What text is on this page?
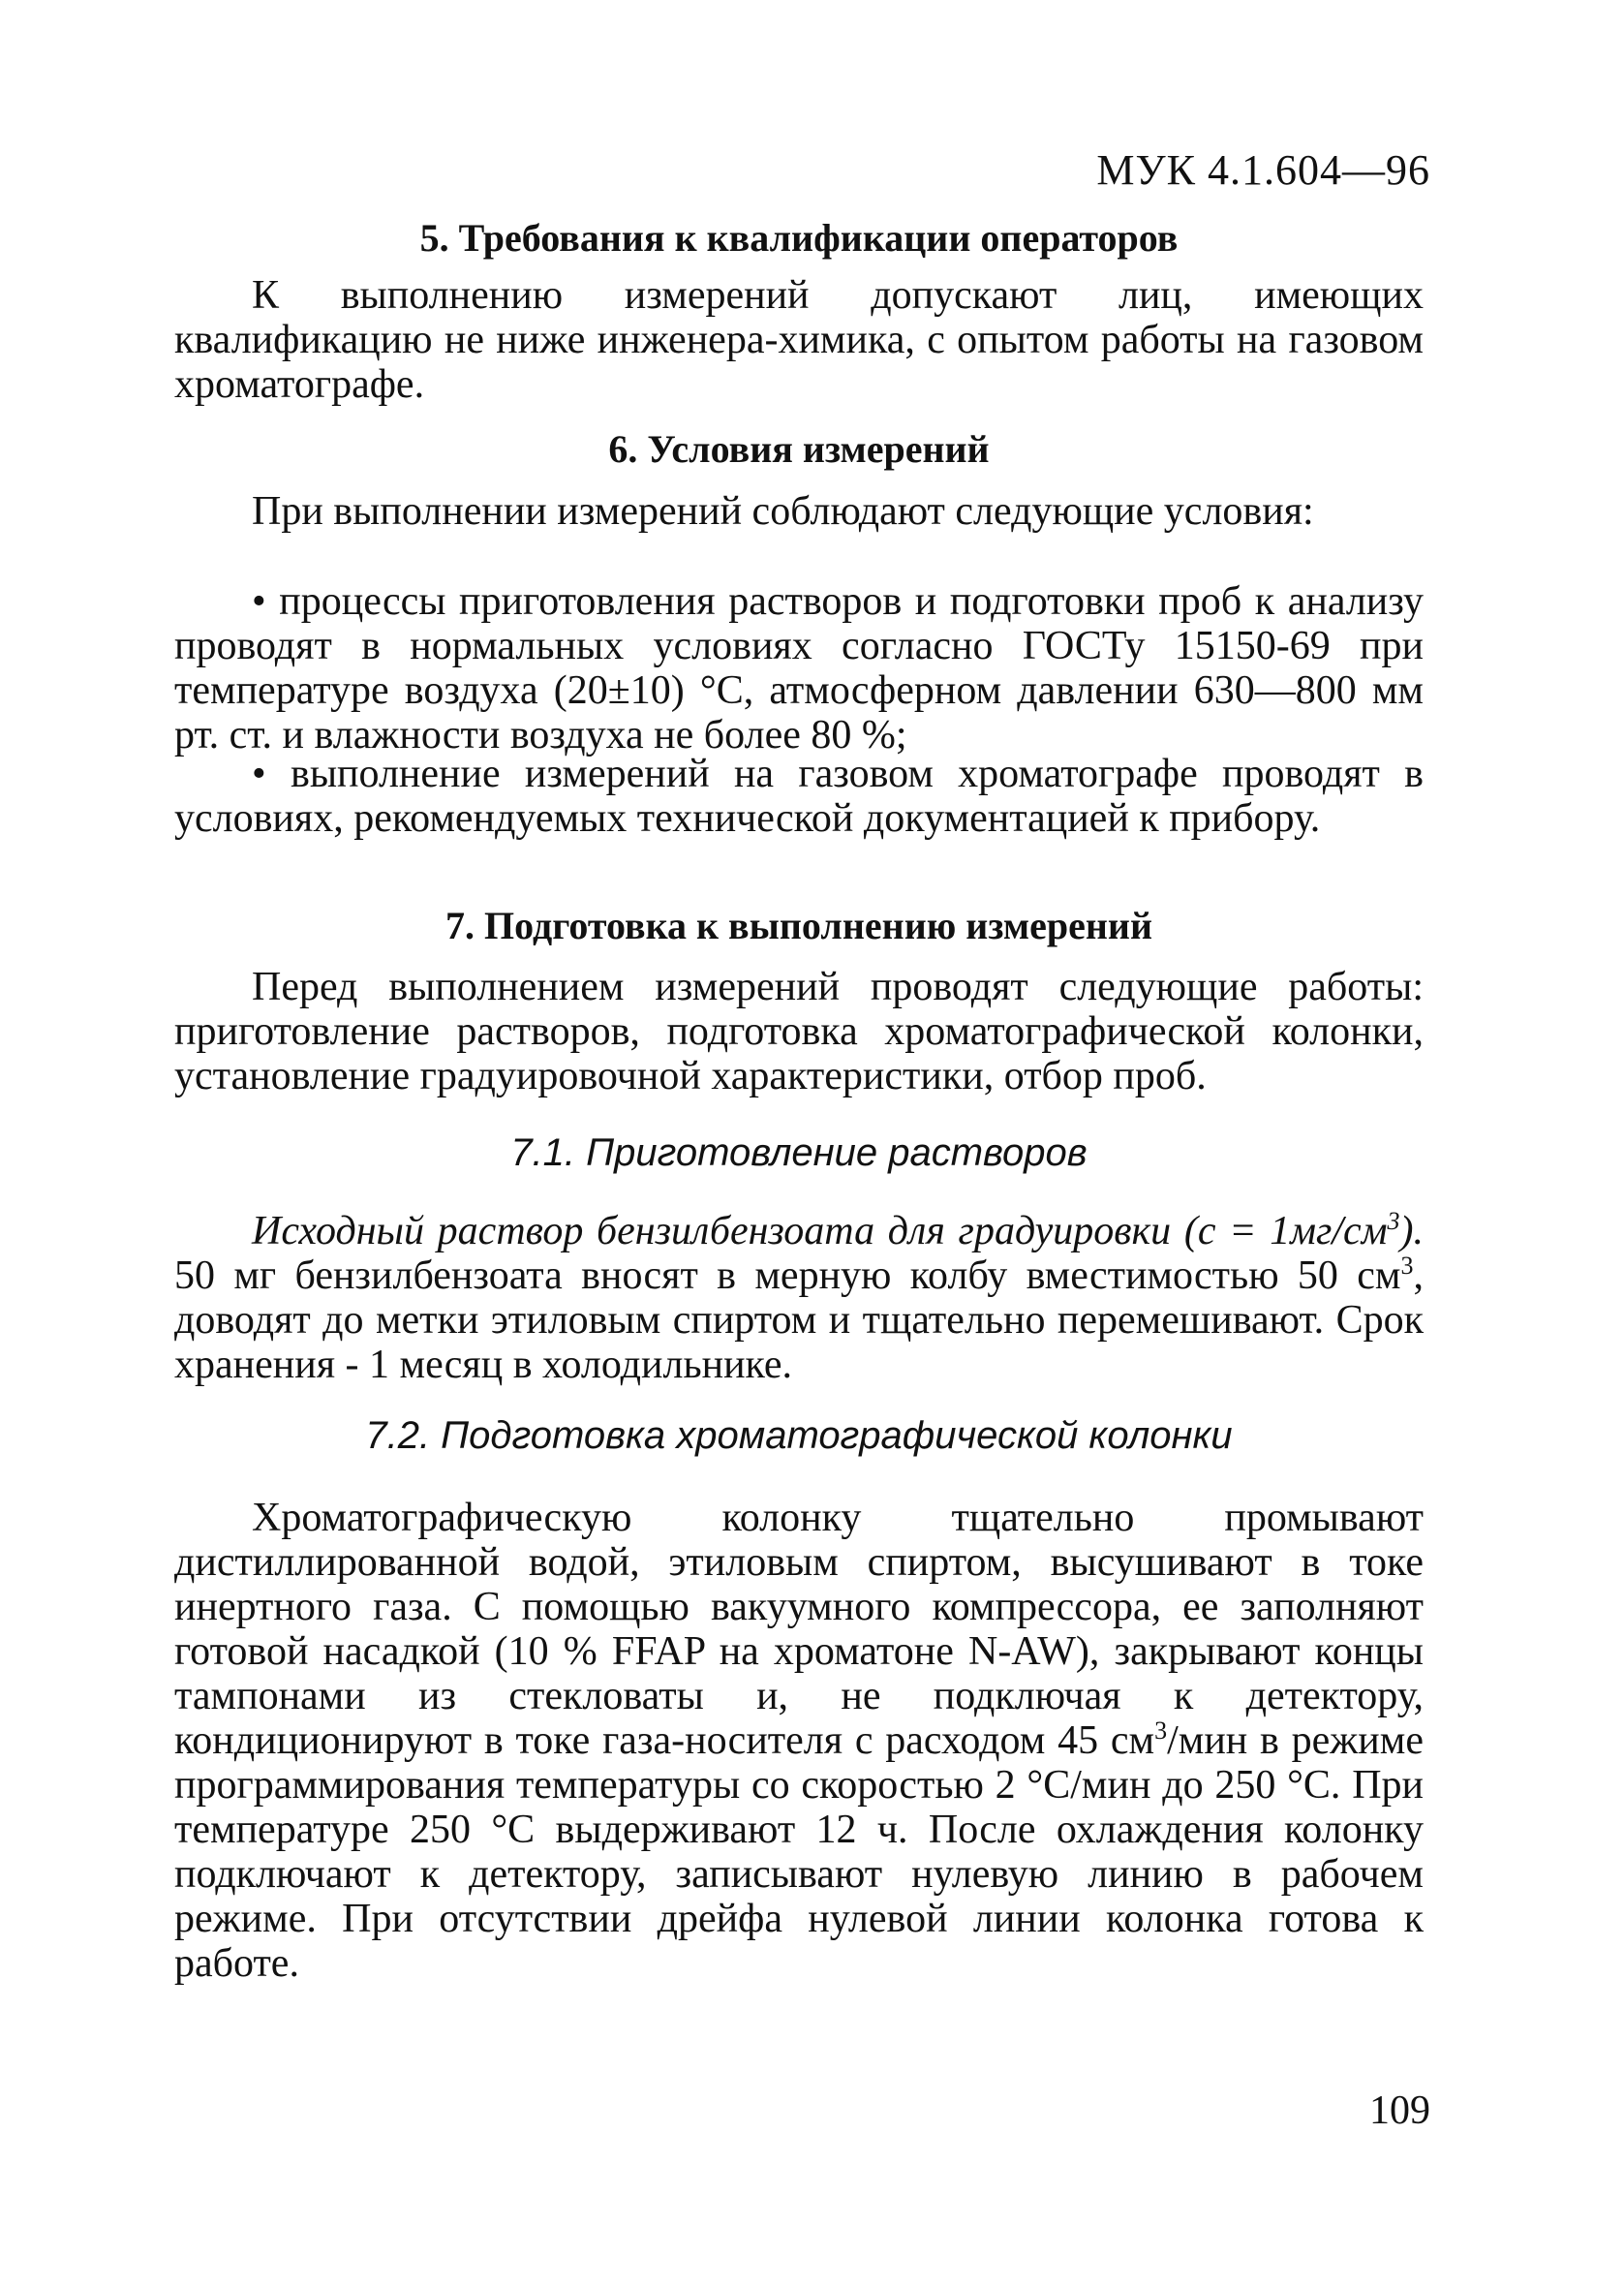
МУК 4.1.604—96
5. Требования к квалификации операторов

К выполнению измерений допускают лиц, имеющих квалификацию не ниже инженера-химика, с опытом работы на газовом хроматографе.

6. Условия измерений

При выполнении измерений соблюдают следующие условия:

• процессы приготовления растворов и подготовки проб к анализу проводят в нормальных условиях согласно ГОСТу 15150-69 при температуре воздуха (20±10) °С, атмосферном давлении 630—800 мм рт. ст. и влажности воздуха не более 80 %;

• выполнение измерений на газовом хроматографе проводят в условиях, рекомендуемых технической документацией к прибору.

7. Подготовка к выполнению измерений

Перед выполнением измерений проводят следующие работы: приготовление растворов, подготовка хроматографической колонки, установление градуировочной характеристики, отбор проб.

7.1. Приготовление растворов

Исходный раствор бензилбензоата для градуировки $(с = 1мг/см^3)$. 50 мг бензилбензоата вносят в мерную колбу вместимостью 50 $см^3$, доводят до метки этиловым спиртом и тщательно перемешивают. Срок хранения - 1 месяц в холодильнике.

7.2. Подготовка хроматографической колонки

Хроматографическую колонку тщательно промывают дистиллированной водой, этиловым спиртом, высушивают в токе инертного газа. С помощью вакуумного компрессора, ее заполняют готовой насадкой (10 % FFAP на хроматоне N-AW), закрывают концы тампонами из стекловаты и, не подключая к детектору, кондиционируют в токе газа-носителя с расходом 45 $см^3$/мин в режиме программирования температуры со скоростью 2 °С/мин до 250 °С. При температуре 250 °С выдерживают 12 ч. После охлаждения колонку подключают к детектору, записывают нулевую линию в рабочем режиме. При отсутствии дрейфа нулевой линии колонка готова к работе.

109
